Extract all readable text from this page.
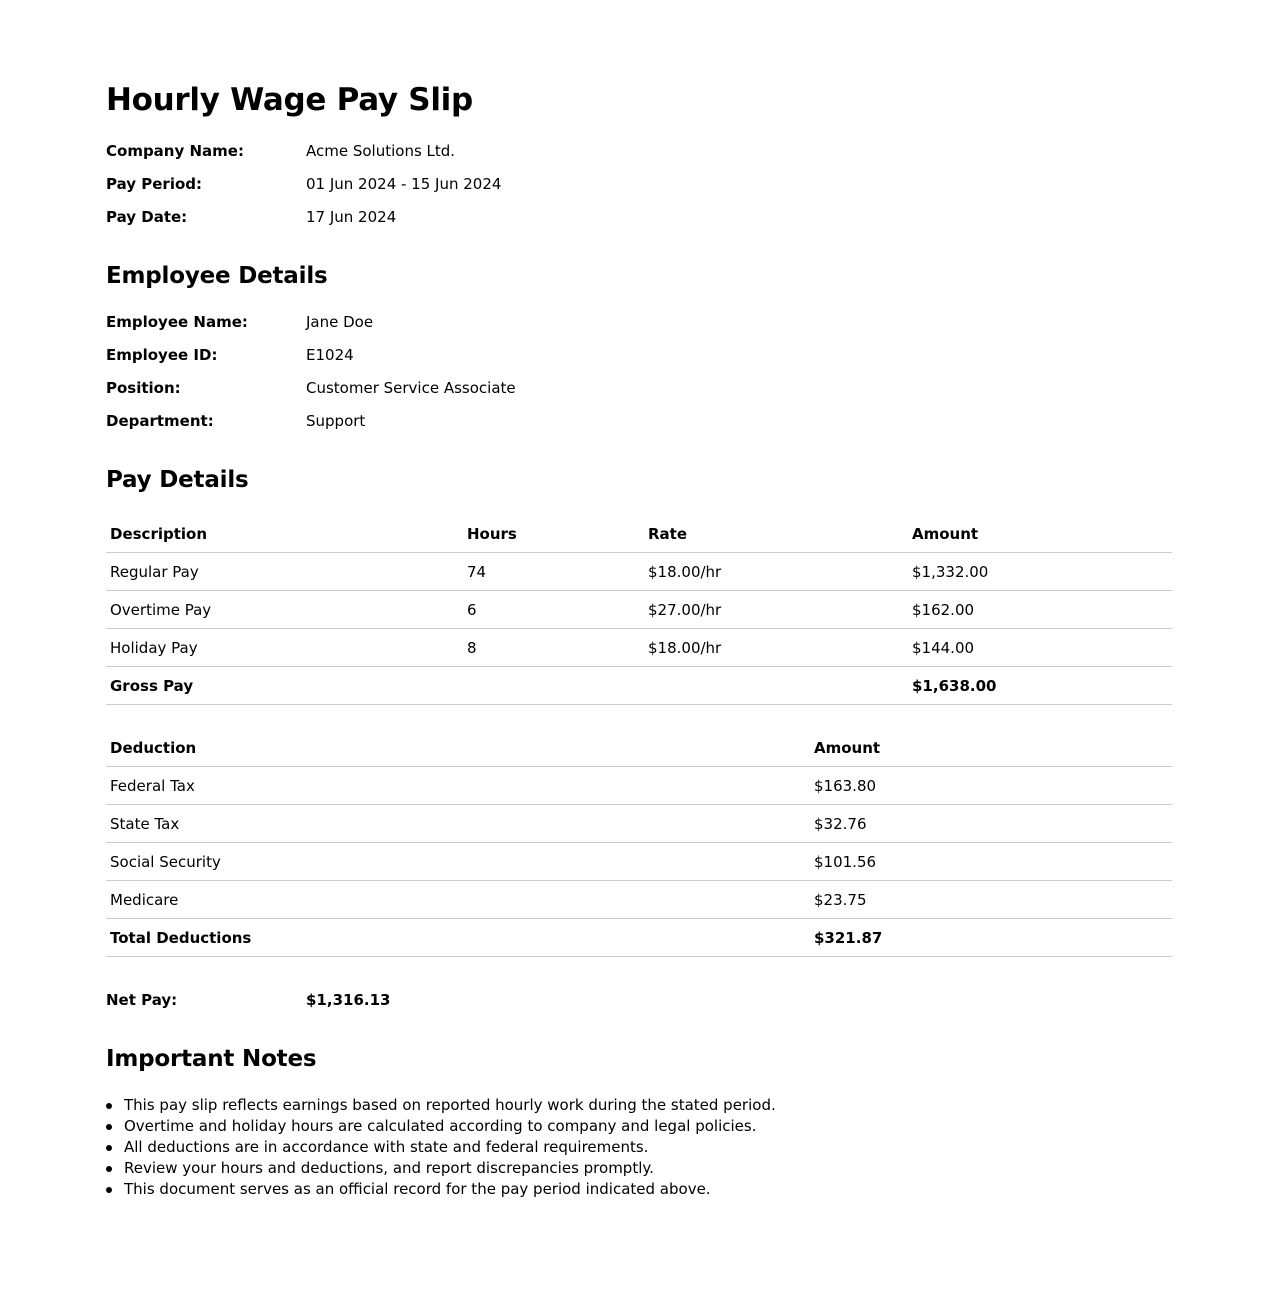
Hourly Wage Pay Slip
Company Name:	Acme Solutions Ltd.
Pay Period:	01 Jun 2024 - 15 Jun 2024
Pay Date:	17 Jun 2024
Employee Details
Employee Name:	Jane Doe
Employee ID:	E1024
Position:	Customer Service Associate
Department:	Support
Pay Details
Description	Hours	Rate	Amount
Regular Pay	74	$18.00/hr	$1,332.00
Overtime Pay	6	$27.00/hr	$162.00
Holiday Pay	8	$18.00/hr	$144.00
Gross Pay			$1,638.00
Deduction	Amount
Federal Tax	$163.80
State Tax	$32.76
Social Security	$101.56
Medicare	$23.75
Total Deductions	$321.87
Net Pay:	$1,316.13
Important Notes
This pay slip reflects earnings based on reported hourly work during the stated period.
Overtime and holiday hours are calculated according to company and legal policies.
All deductions are in accordance with state and federal requirements.
Review your hours and deductions, and report discrepancies promptly.
This document serves as an official record for the pay period indicated above.
